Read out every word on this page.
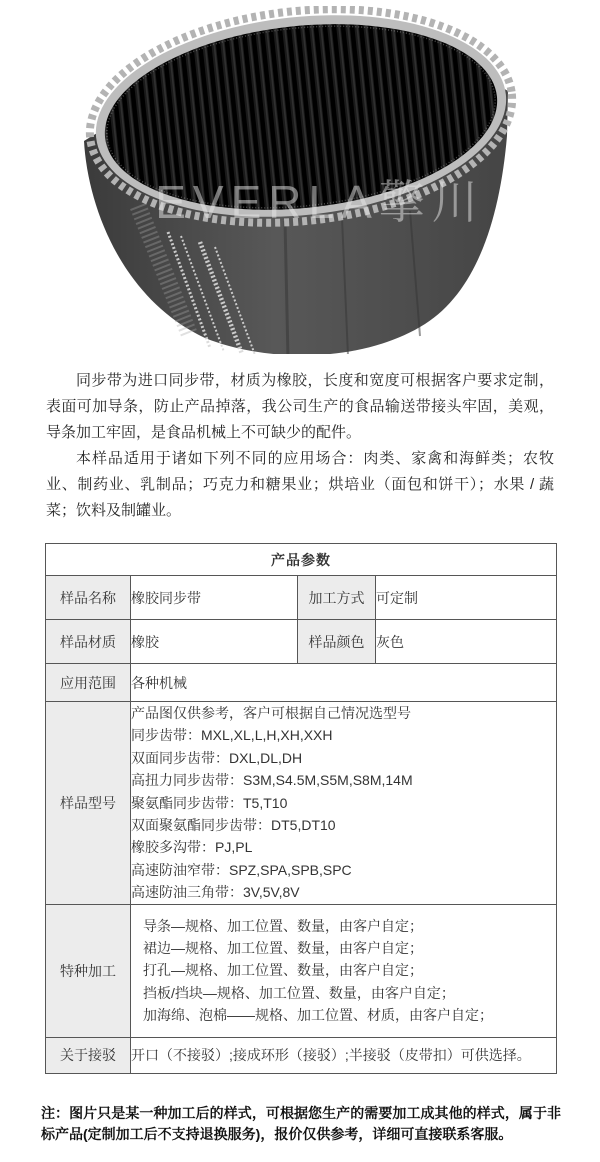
EVERLA擎川

同步带为进口同步带，材质为橡胶，长度和宽度可根据客户要求定制，表面可加导条，防止产品掉落，我公司生产的食品输送带接头牢固，美观，导条加工牢固，是食品机械上不可缺少的配件。

本样品适用于诸如下列不同的应用场合：肉类、家禽和海鲜类；农牧业、制药业、乳制品；巧克力和糖果业；烘培业（面包和饼干）；水果 / 蔬菜；饮料及制罐业。

产品参数			
样品名称	橡胶同步带	加工方式	可定制
样品材质	橡胶	样品颜色	灰色
应用范围	各种机械		
样品型号	
产品图仅供参考，客户可根据自己情况选型号
同步齿带：MXL,XL,L,H,XH,XXH
双面同步齿带：DXL,DL,DH
高扭力同步齿带：S3M,S4.5M,S5M,S8M,14M
聚氨酯同步齿带：T5,T10
双面聚氨酯同步齿带：DT5,DT10
橡胶多沟带：PJ,PL
高速防油窄带：SPZ,SPA,SPB,SPC
高速防油三角带：3V,5V,8V

特种加工	导条—规格、加工位置、数量，由客户自定；
裙边—规格、加工位置、数量，由客户自定；
打孔—规格、加工位置、数量，由客户自定；
挡板/挡块—规格、加工位置、数量，由客户自定；
加海绵、泡棉——规格、加工位置、材质，由客户自定；		

关于接驳	开口（不接驳）;接成环形（接驳）;半接驳（皮带扣）可供选择。		
注：图片只是某一种加工后的样式，可根据您生产的需要加工成其他的样式，属于非标产品(定制加工后不支持退换服务)，报价仅供参考，详细可直接联系客服。
